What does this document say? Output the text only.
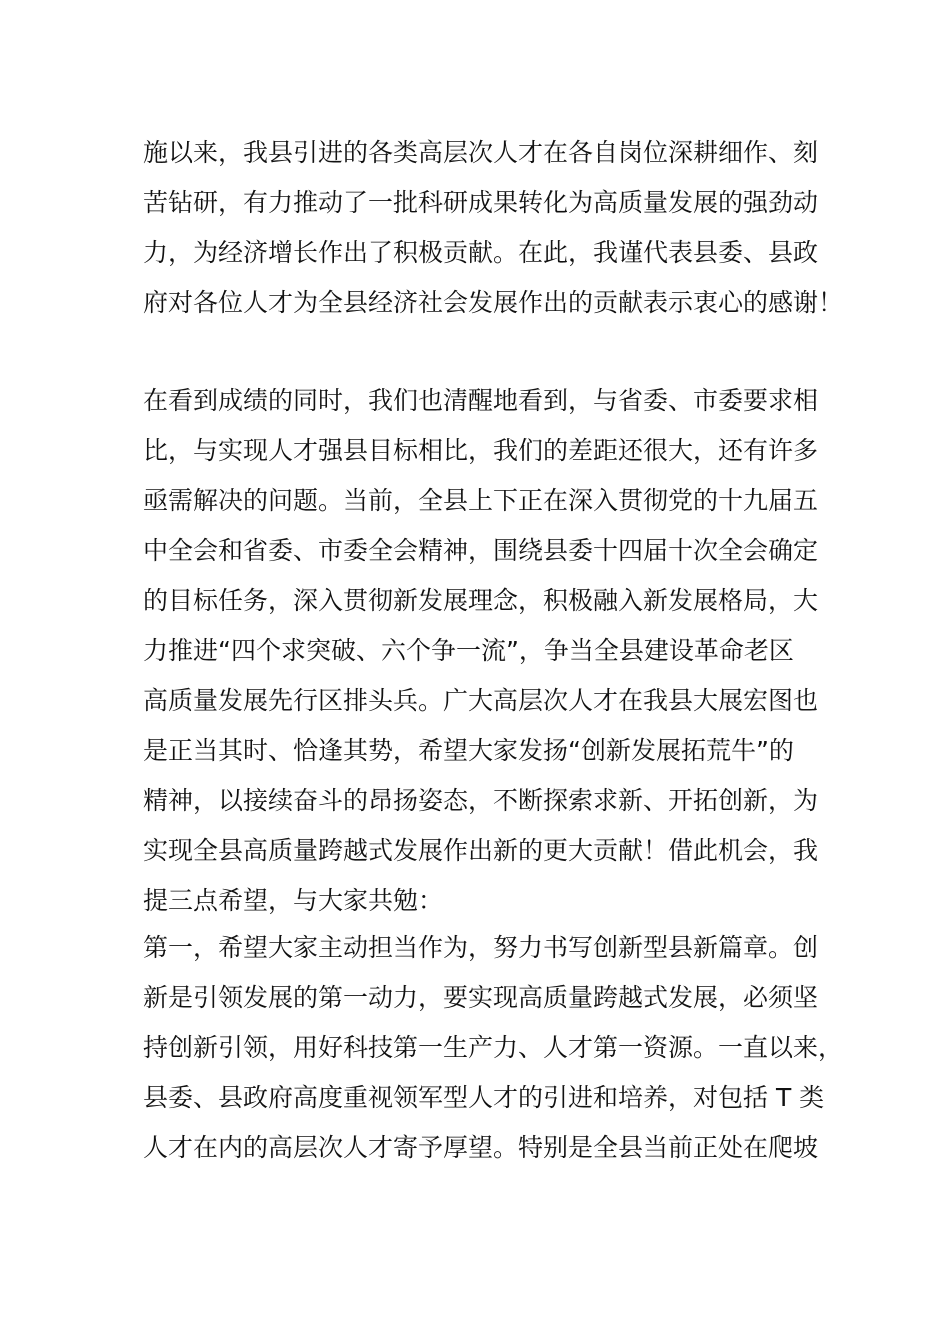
施以来，我县引进的各类高层次人才在各自岗位深耕细作、刻
苦钻研，有力推动了一批科研成果转化为高质量发展的强劲动
力，为经济增长作出了积极贡献。在此，我谨代表县委、县政
府对各位人才为全县经济社会发展作出的贡献表示衷心的感谢！

在看到成绩的同时，我们也清醒地看到，与省委、市委要求相
比，与实现人才强县目标相比，我们的差距还很大，还有许多
亟需解决的问题。当前，全县上下正在深入贯彻党的十九届五
中全会和省委、市委全会精神，围绕县委十四届十次全会确定
的目标任务，深入贯彻新发展理念，积极融入新发展格局，大
力推进“四个求突破、六个争一流”，争当全县建设革命老区
高质量发展先行区排头兵。广大高层次人才在我县大展宏图也
是正当其时、恰逢其势，希望大家发扬“创新发展拓荒牛”的
精神，以接续奋斗的昂扬姿态，不断探索求新、开拓创新，为
实现全县高质量跨越式发展作出新的更大贡献！借此机会，我
提三点希望，与大家共勉：

第一，希望大家主动担当作为，努力书写创新型县新篇章。创
新是引领发展的第一动力，要实现高质量跨越式发展，必须坚
持创新引领，用好科技第一生产力、人才第一资源。一直以来，
县委、县政府高度重视领军型人才的引进和培养，对包括 T 类
人才在内的高层次人才寄予厚望。特别是全县当前正处在爬坡
